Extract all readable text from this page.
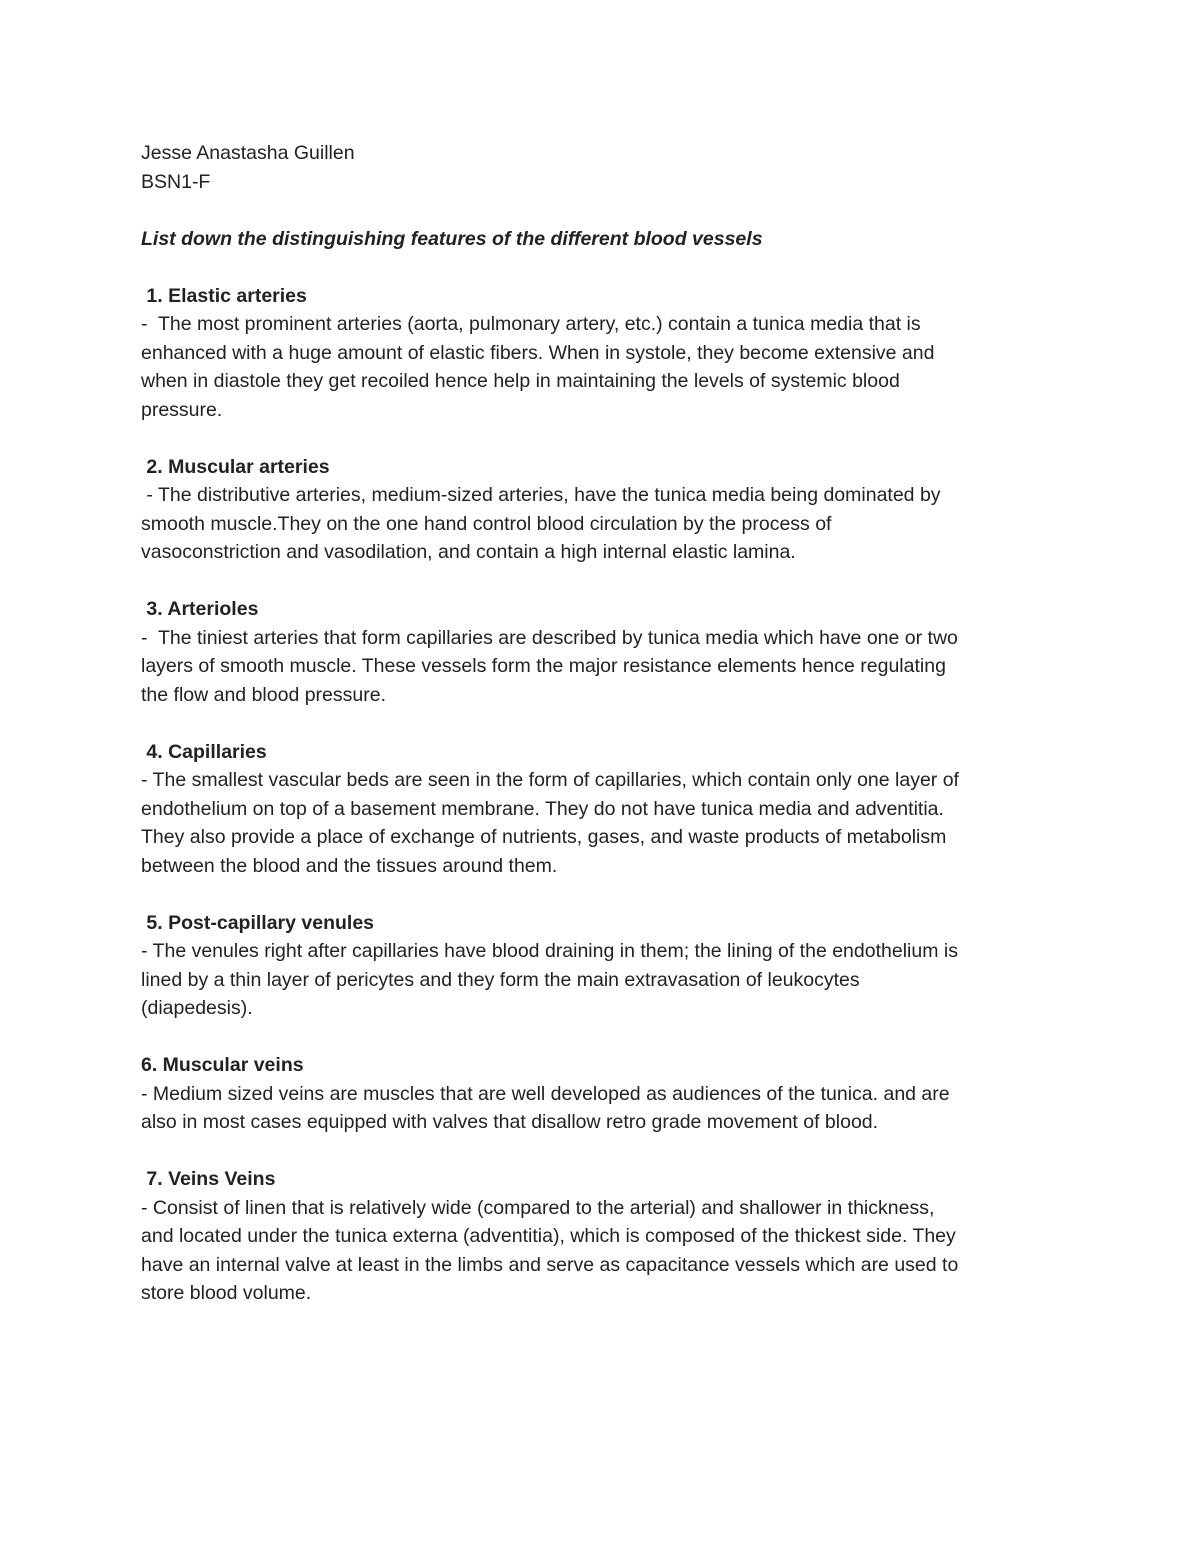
Jesse Anastasha Guillen
BSN1-F
List down the distinguishing features of the different blood vessels
1. Elastic arteries
-  The most prominent arteries (aorta, pulmonary artery, etc.) contain a tunica media that is
enhanced with a huge amount of elastic fibers. When in systole, they become extensive and
when in diastole they get recoiled hence help in maintaining the levels of systemic blood
pressure.
2. Muscular arteries
- The distributive arteries, medium-sized arteries, have the tunica media being dominated by
smooth muscle.They on the one hand control blood circulation by the process of
vasoconstriction and vasodilation, and contain a high internal elastic lamina.
3. Arterioles
-  The tiniest arteries that form capillaries are described by tunica media which have one or two
layers of smooth muscle. These vessels form the major resistance elements hence regulating
the flow and blood pressure.
4. Capillaries
- The smallest vascular beds are seen in the form of capillaries, which contain only one layer of
endothelium on top of a basement membrane. They do not have tunica media and adventitia.
They also provide a place of exchange of nutrients, gases, and waste products of metabolism
between the blood and the tissues around them.
5. Post-capillary venules
- The venules right after capillaries have blood draining in them; the lining of the endothelium is
lined by a thin layer of pericytes and they form the main extravasation of leukocytes
(diapedesis).
6. Muscular veins
- Medium sized veins are muscles that are well developed as audiences of the tunica. and are
also in most cases equipped with valves that disallow retro grade movement of blood.
7. Veins Veins
- Consist of linen that is relatively wide (compared to the arterial) and shallower in thickness,
and located under the tunica externa (adventitia), which is composed of the thickest side. They
have an internal valve at least in the limbs and serve as capacitance vessels which are used to
store blood volume.
